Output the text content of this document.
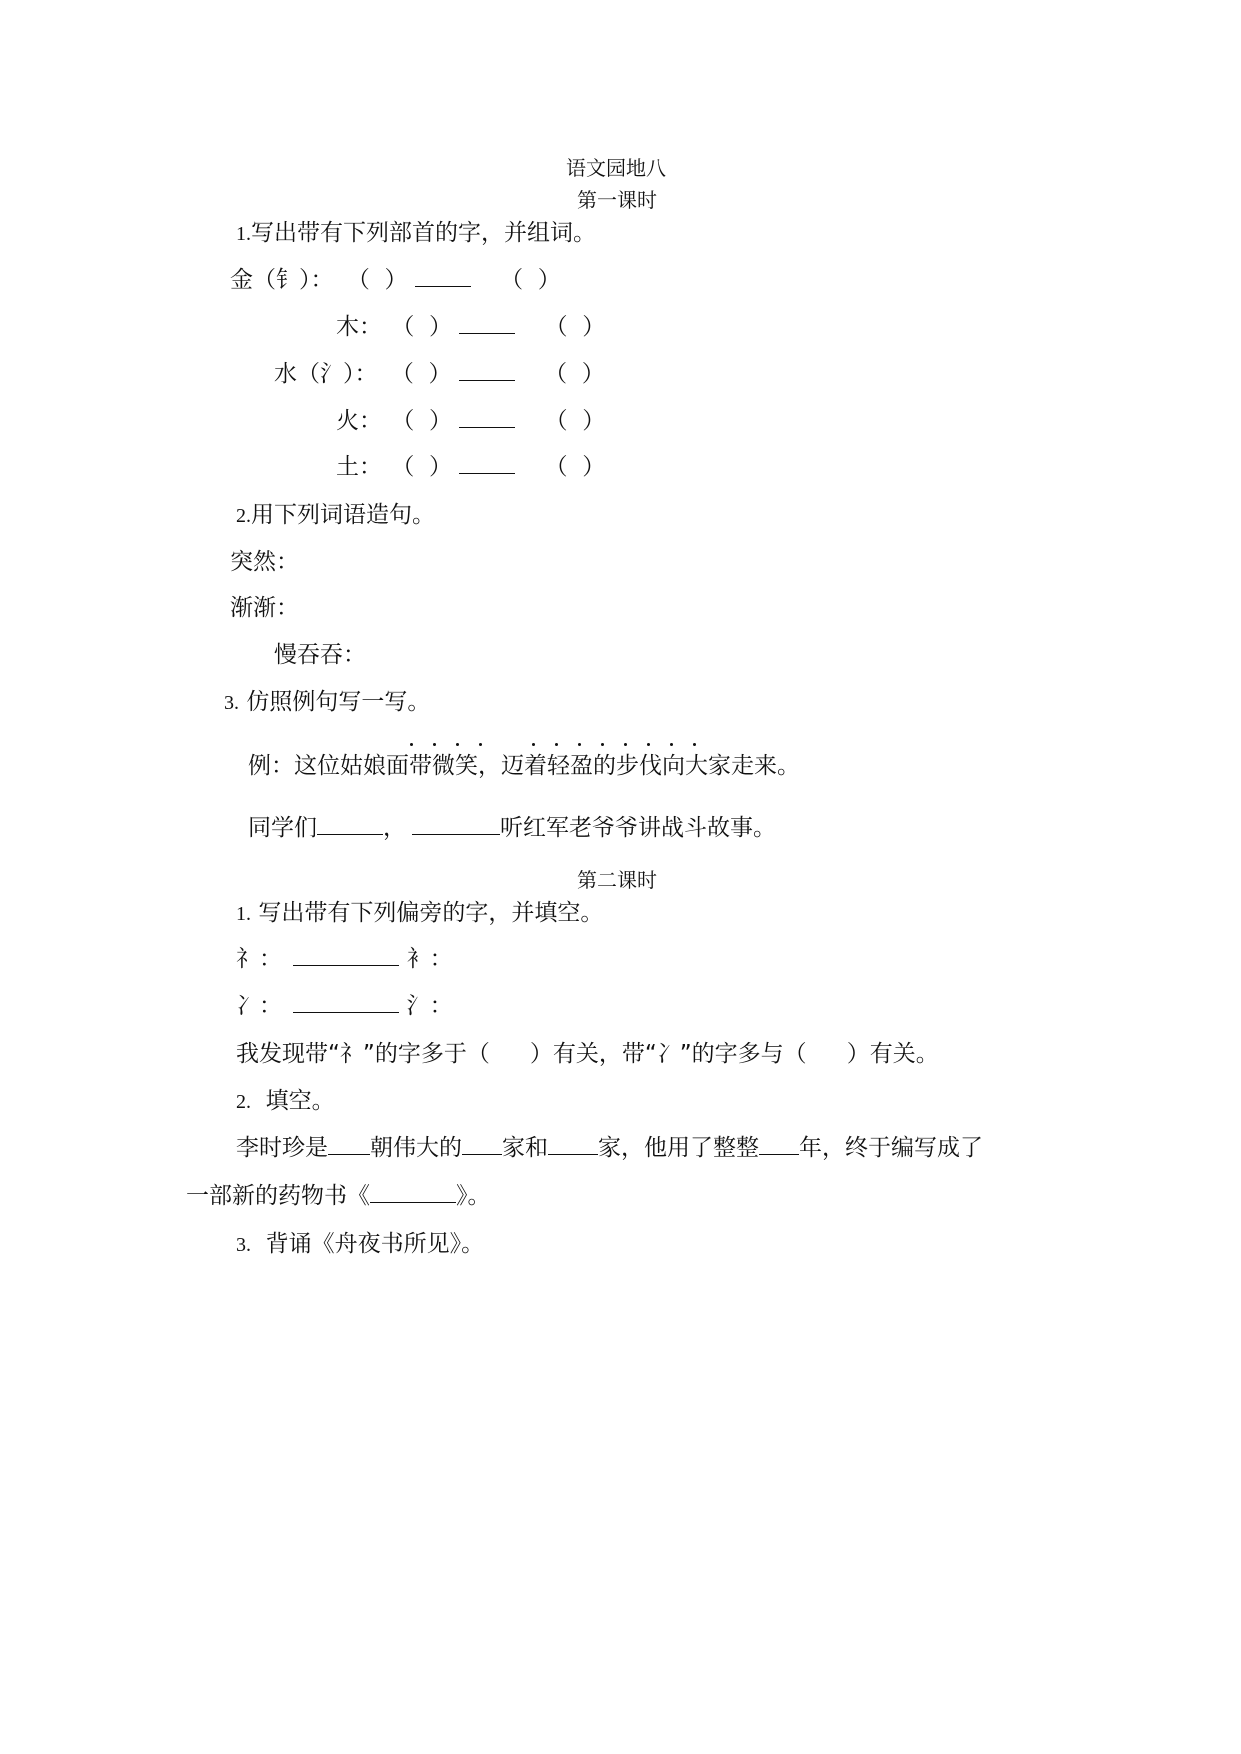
语文园地八
第一课时
1.写出带有下列部首的字，并组词。
金（钅）： （ ）	（ ）
木： （ ）	（ ）
水（氵）： （ ）	（ ）
火： （ ）	（ ）
土： （ ）	（ ）
2.用下列词语造句。
突然：
渐渐：
慢吞吞：
3. 仿照例句写一写。
例：这位姑娘面带微笑，迈着轻盈的步伐向大家走来。
同学们	，	听红军老爷爷讲战斗故事。
第二课时
1. 写出带有下列偏旁的字，并填空。
礻：	衤：
冫：	氵：
我发现带“礻”的字多于（ ）有关，带“冫”的字多与（ ）有关。
2. 填空。
李时珍是 朝伟大的 家和 家，他用了整整 年，终于编写成了
一部新的药物书《	》。
3. 背诵《舟夜书所见》。
